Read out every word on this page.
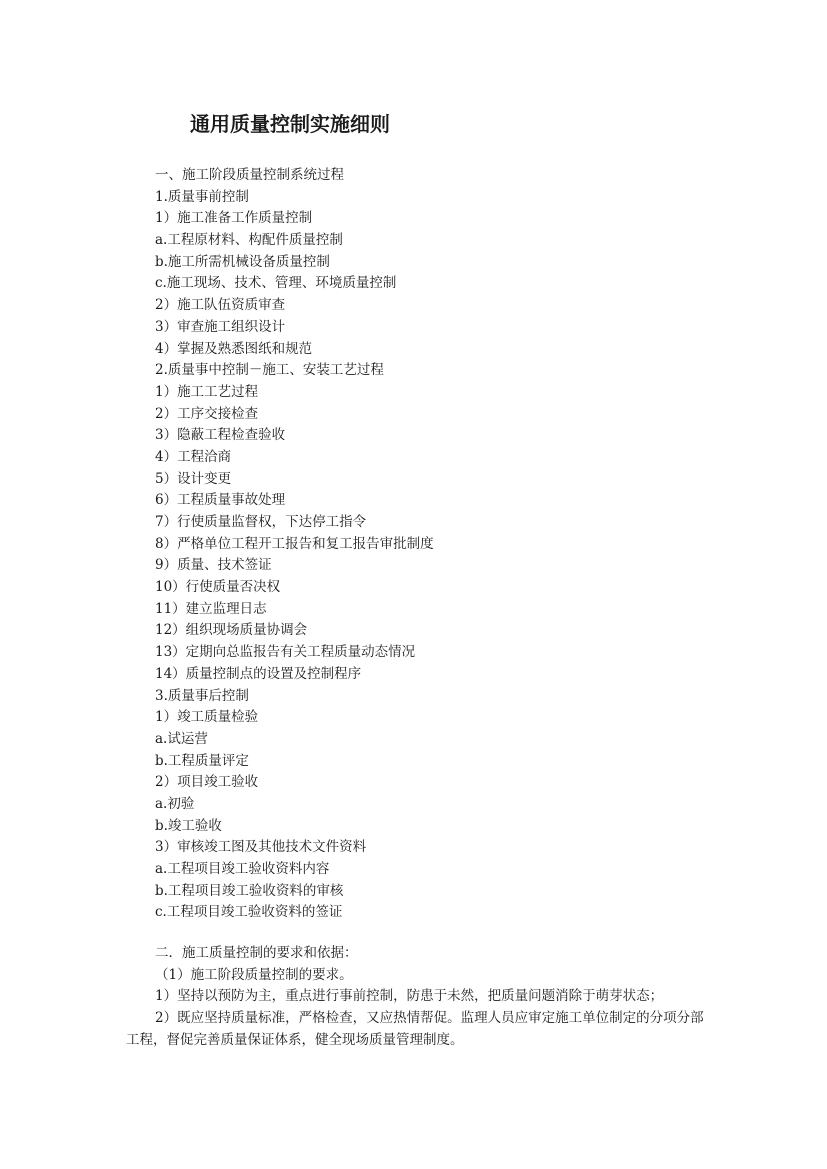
通用质量控制实施细则
一、施工阶段质量控制系统过程
1.质量事前控制
1）施工准备工作质量控制
a.工程原材料、构配件质量控制
b.施工所需机械设备质量控制
c.施工现场、技术、管理、环境质量控制
2）施工队伍资质审查
3）审查施工组织设计
4）掌握及熟悉图纸和规范
2.质量事中控制－施工、安装工艺过程
1）施工工艺过程
2）工序交接检查
3）隐蔽工程检查验收
4）工程洽商
5）设计变更
6）工程质量事故处理
7）行使质量监督权，下达停工指令
8）严格单位工程开工报告和复工报告审批制度
9）质量、技术签证
10）行使质量否决权
11）建立监理日志
12）组织现场质量协调会
13）定期向总监报告有关工程质量动态情况
14）质量控制点的设置及控制程序
3.质量事后控制
1）竣工质量检验
a.试运营
b.工程质量评定
2）项目竣工验收
a.初验
b.竣工验收
3）审核竣工图及其他技术文件资料
a.工程项目竣工验收资料内容
b.工程项目竣工验收资料的审核
c.工程项目竣工验收资料的签证

二．施工质量控制的要求和依据：

（1）施工阶段质量控制的要求。

1）坚持以预防为主，重点进行事前控制，防患于未然，把质量问题消除于萌芽状态；

2）既应坚持质量标准，严格检查，又应热情帮促。监理人员应审定施工单位制定的分项分部工程，督促完善质量保证体系，健全现场质量管理制度。
